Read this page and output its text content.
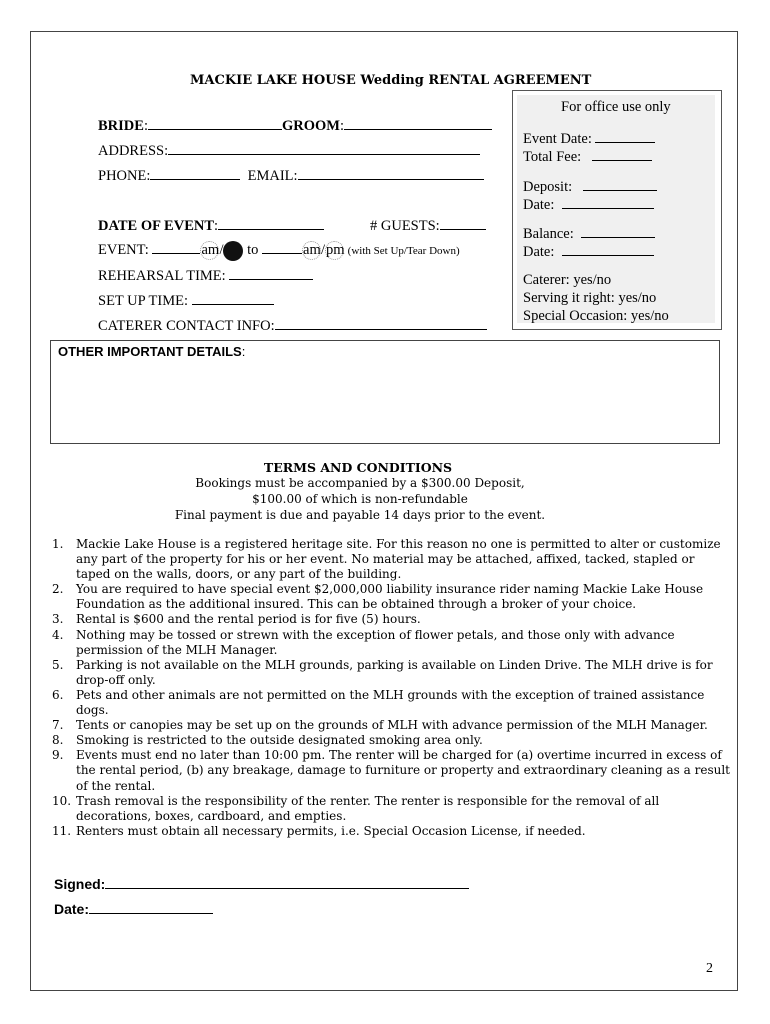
MACKIE LAKE HOUSE Wedding RENTAL AGREEMENT
BRIDE:	GROOM:
ADDRESS:
PHONE:	EMAIL:
DATE OF EVENT:	# GUESTS:
EVENT:	am/ to	am/pm (with Set Up/Tear Down)
REHEARSAL TIME:
SET UP TIME:
CATERER CONTACT INFO:
For office use only
Event Date:
Total Fee:
Deposit:
Date:
Balance:
Date:
Caterer: yes/no
Serving it right: yes/no
Special Occasion: yes/no
OTHER IMPORTANT DETAILS:
TERMS AND CONDITIONS
Bookings must be accompanied by a $300.00 Deposit,
$100.00 of which is non-refundable
Final payment is due and payable 14 days prior to the event.
1.	Mackie Lake House is a registered heritage site. For this reason no one is permitted to alter or customize any part of the property for his or her event. No material may be attached, affixed, tacked, stapled or taped on the walls, doors, or any part of the building.
2.	You are required to have special event $2,000,000 liability insurance rider naming Mackie Lake House Foundation as the additional insured. This can be obtained through a broker of your choice.
3.	Rental is $600 and the rental period is for five (5) hours.
4.	Nothing may be tossed or strewn with the exception of flower petals, and those only with advance permission of the MLH Manager.
5.	Parking is not available on the MLH grounds, parking is available on Linden Drive. The MLH drive is for drop-off only.
6.	Pets and other animals are not permitted on the MLH grounds with the exception of trained assistance dogs.
7.	Tents or canopies may be set up on the grounds of MLH with advance permission of the MLH Manager.
8.	Smoking is restricted to the outside designated smoking area only.
9.	Events must end no later than 10:00 pm. The renter will be charged for (a) overtime incurred in excess of the rental period, (b) any breakage, damage to furniture or property and extraordinary cleaning as a result of the rental.
10. Trash removal is the responsibility of the renter. The renter is responsible for the removal of all decorations, boxes, cardboard, and empties.
11. Renters must obtain all necessary permits, i.e. Special Occasion License, if needed.
Signed:
Date:
2
